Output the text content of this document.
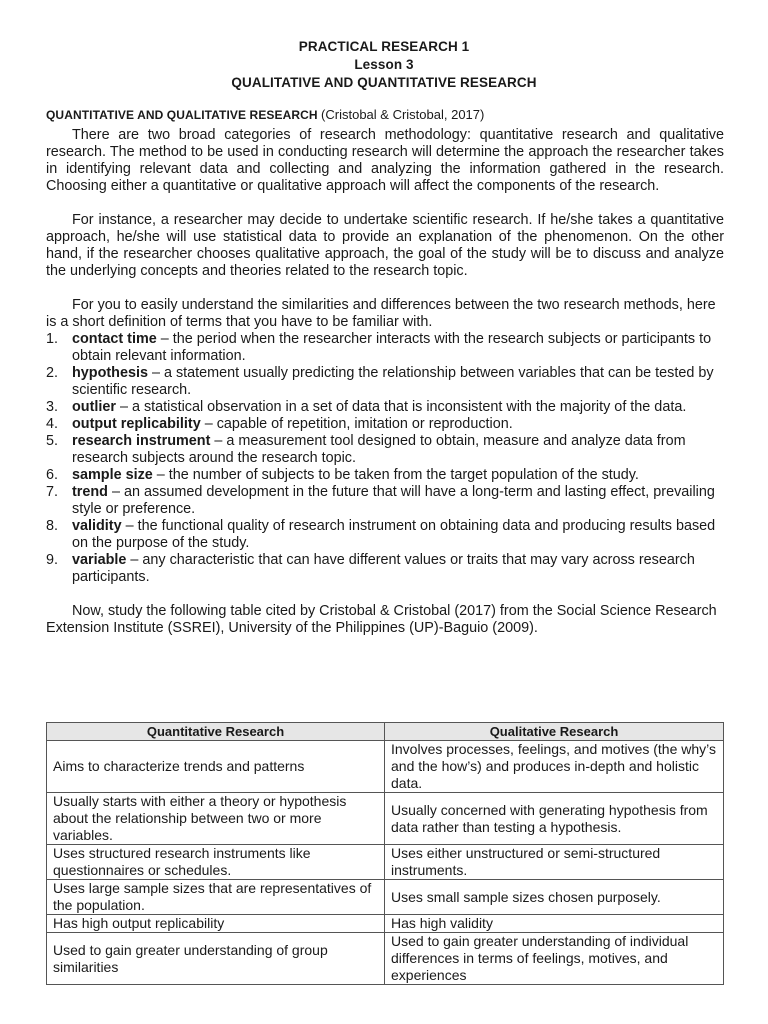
PRACTICAL RESEARCH 1
Lesson 3
QUALITATIVE AND QUANTITATIVE RESEARCH
QUANTITATIVE AND QUALITATIVE RESEARCH (Cristobal & Cristobal, 2017)

There are two broad categories of research methodology: quantitative research and qualitative research. The method to be used in conducting research will determine the approach the researcher takes in identifying relevant data and collecting and analyzing the information gathered in the research. Choosing either a quantitative or qualitative approach will affect the components of the research.

For instance, a researcher may decide to undertake scientific research. If he/she takes a quantitative approach, he/she will use statistical data to provide an explanation of the phenomenon. On the other hand, if the researcher chooses qualitative approach, the goal of the study will be to discuss and analyze the underlying concepts and theories related to the research topic.

For you to easily understand the similarities and differences between the two research methods, here is a short definition of terms that you have to be familiar with.

1. contact time – the period when the researcher interacts with the research subjects or participants to obtain relevant information.
2. hypothesis – a statement usually predicting the relationship between variables that can be tested by scientific research.
3. outlier – a statistical observation in a set of data that is inconsistent with the majority of the data.
4. output replicability – capable of repetition, imitation or reproduction.
5. research instrument – a measurement tool designed to obtain, measure and analyze data from research subjects around the research topic.
6. sample size – the number of subjects to be taken from the target population of the study.
7. trend – an assumed development in the future that will have a long-term and lasting effect, prevailing style or preference.
8. validity – the functional quality of research instrument on obtaining data and producing results based on the purpose of the study.
9. variable – any characteristic that can have different values or traits that may vary across research participants.

Now, study the following table cited by Cristobal & Cristobal (2017) from the Social Science Research Extension Institute (SSREI), University of the Philippines (UP)-Baguio (2009).

Quantitative Research	Qualitative Research
Aims to characterize trends and patterns	Involves processes, feelings, and motives (the why’s and the how’s) and produces in-depth and holistic data.
Usually starts with either a theory or hypothesis about the relationship between two or more variables.	Usually concerned with generating hypothesis from data rather than testing a hypothesis.
Uses structured research instruments like questionnaires or schedules.	Uses either unstructured or semi-structured instruments.
Uses large sample sizes that are representatives of the population.	Uses small sample sizes chosen purposely.
Has high output replicability	Has high validity
Used to gain greater understanding of group similarities	Used to gain greater understanding of individual differences in terms of feelings, motives, and experiences
